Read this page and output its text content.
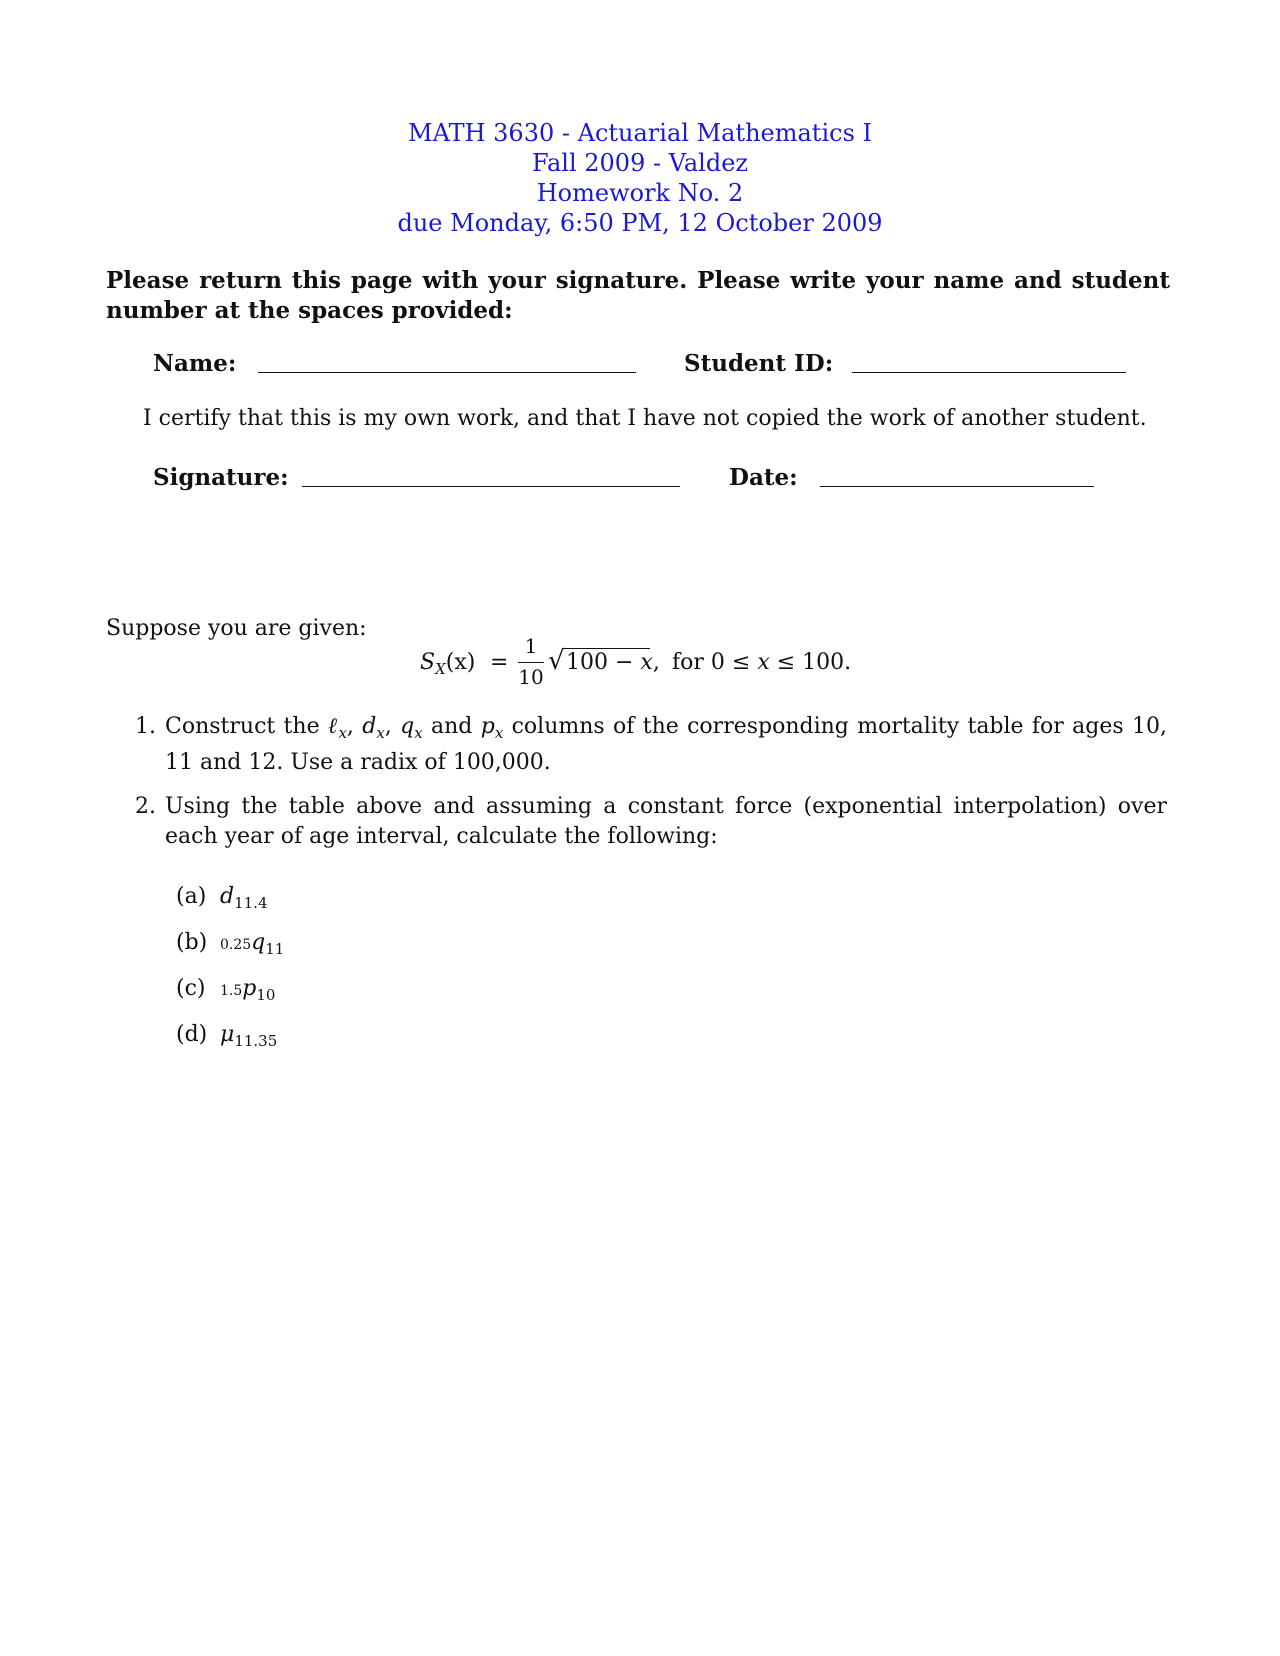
MATH 3630 - Actuarial Mathematics I
Fall 2009 - Valdez
Homework No. 2
due Monday, 6:50 PM, 12 October 2009
Please return this page with your signature. Please write your name and student number at the spaces provided:
Name:	Student ID:
I certify that this is my own work, and that I have not copied the work of another student.
Signature:	Date:
Suppose you are given:
$S_X(x)$ =
1
10
√ 100 − x, for 0 ≤ x ≤ 100.
1. Construct the ℓ$_x$, $d_x$, $q_x$ and $p_x$ columns of the corresponding mortality table for ages 10, 11 and 12. Use a radix of 100,000.
2. Using the table above and assuming a constant force (exponential interpolation) over each year of age interval, calculate the following:
(a) $d_{11.4}$
(b) $0.25q_{11}$
(c) $1.5p_{10}$
(d) $\mu_{11.35}$
